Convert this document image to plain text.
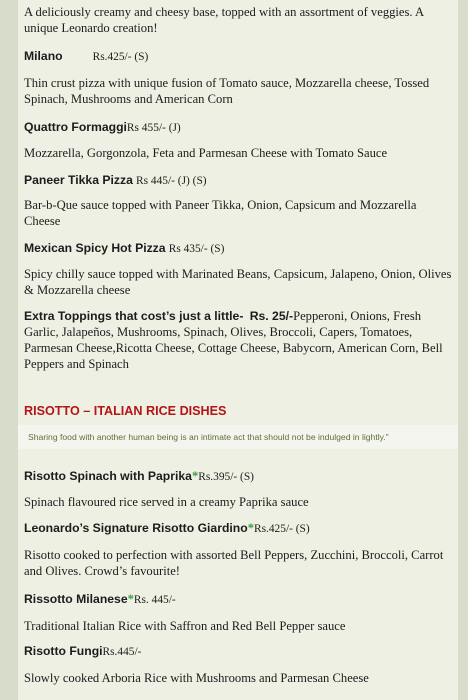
A deliciously creamy and cheesy base, topped with an assortment of veggies. A unique Leonardo creation!

Milano	Rs.425/- (S)

Thin crust pizza with unique fusion of Tomato sauce, Mozzarella cheese, Tossed Spinach, Mushrooms and American Corn

Quattro FormaggiRs 455/- (J)

Mozzarella, Gorgonzola, Feta and Parmesan Cheese with Tomato Sauce

Paneer Tikka Pizza Rs 445/- (J) (S)

Bar-b-Que sauce topped with Paneer Tikka, Onion, Capsicum and Mozzarella Cheese

Mexican Spicy Hot Pizza Rs 435/- (S)

Spicy chilly sauce topped with Marinated Beans, Capsicum, Jalapeno, Onion, Olives & Mozzarella cheese

Extra Toppings that cost’s just a little- Rs. 25/-Pepperoni, Onions, Fresh Garlic, Jalapeños, Mushrooms, Spinach, Olives, Broccoli, Capers, Tomatoes, Parmesan Cheese,Ricotta Cheese, Cottage Cheese, Babycorn, American Corn, Bell Peppers and Spinach

RISOTTO – ITALIAN RICE DISHES

Sharing food with another human being is an intimate act that should not be indulged in lightly."

Risotto Spinach with Paprika*Rs.395/- (S)

Spinach flavoured rice served in a creamy Paprika sauce

Leonardo’s Signature Risotto Giardino*Rs.425/- (S)

Risotto cooked to perfection with assorted Bell Peppers, Zucchini, Broccoli, Carrot and Olives. Crowd’s favourite!

Rissotto Milanese*Rs. 445/-

Traditional Italian Rice with Saffron and Red Bell Pepper sauce

Risotto FungiRs.445/-

Slowly cooked Arboria Rice with Mushrooms and Parmesan Cheese
